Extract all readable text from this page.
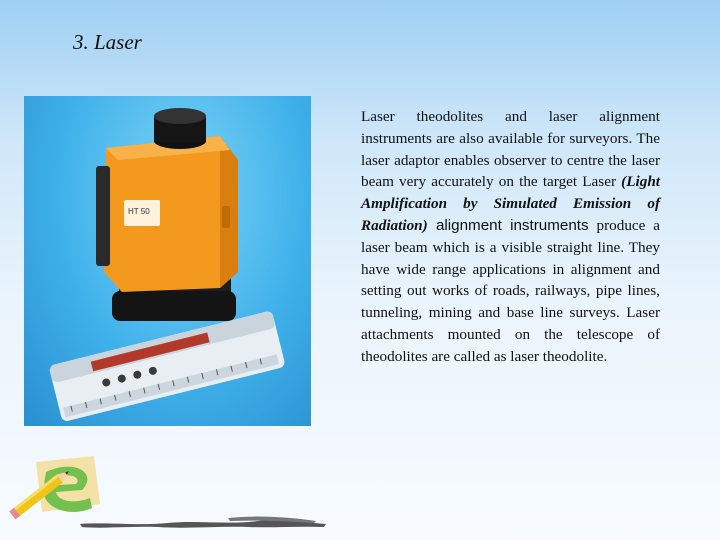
3. Laser
HT 50
Laser theodolites and laser alignment instruments are also available for surveyors. The laser adaptor enables observer to centre the laser beam very accurately on the target Laser (Light Amplification by Simulated Emission of Radiation) alignment instruments produce a laser beam which is a visible straight line. They have wide range applications in alignment and setting out works of roads, railways, pipe lines, tunneling, mining and base line surveys. Laser attachments mounted on the telescope of theodolites are called as laser theodolite.
